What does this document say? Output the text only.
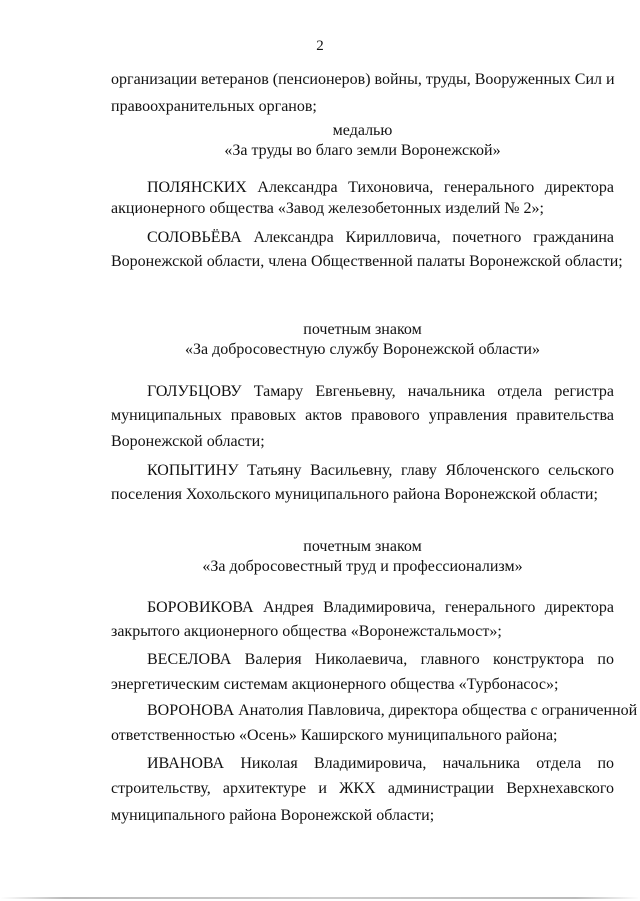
2
организации ветеранов (пенсионеров) войны, труды, Вооруженных Сил и
правоохранительных органов;
медалью
«За труды во благо земли Воронежской»
ПОЛЯНСКИХ Александра Тихоновича, генерального директора
акционерного общества «Завод железобетонных изделий № 2»;
СОЛОВЬЁВА Александра Кирилловича, почетного гражданина
Воронежской области, члена Общественной палаты Воронежской области;
почетным знаком
«За добросовестную службу Воронежской области»
ГОЛУБЦОВУ Тамару Евгеньевну, начальника отдела регистра
муниципальных правовых актов правового управления правительства
Воронежской области;
КОПЫТИНУ Татьяну Васильевну, главу Яблоченского сельского
поселения Хохольского муниципального района Воронежской области;
почетным знаком
«За добросовестный труд и профессионализм»
БОРОВИКОВА Андрея Владимировича, генерального директора
закрытого акционерного общества «Воронежстальмост»;
ВЕСЕЛОВА Валерия Николаевича, главного конструктора по
энергетическим системам акционерного общества «Турбонасос»;
ВОРОНОВА Анатолия Павловича, директора общества с ограниченной
ответственностью «Осень» Каширского муниципального района;
ИВАНОВА Николая Владимировича, начальника отдела по
строительству, архитектуре и ЖКХ администрации Верхнехавского
муниципального района Воронежской области;
